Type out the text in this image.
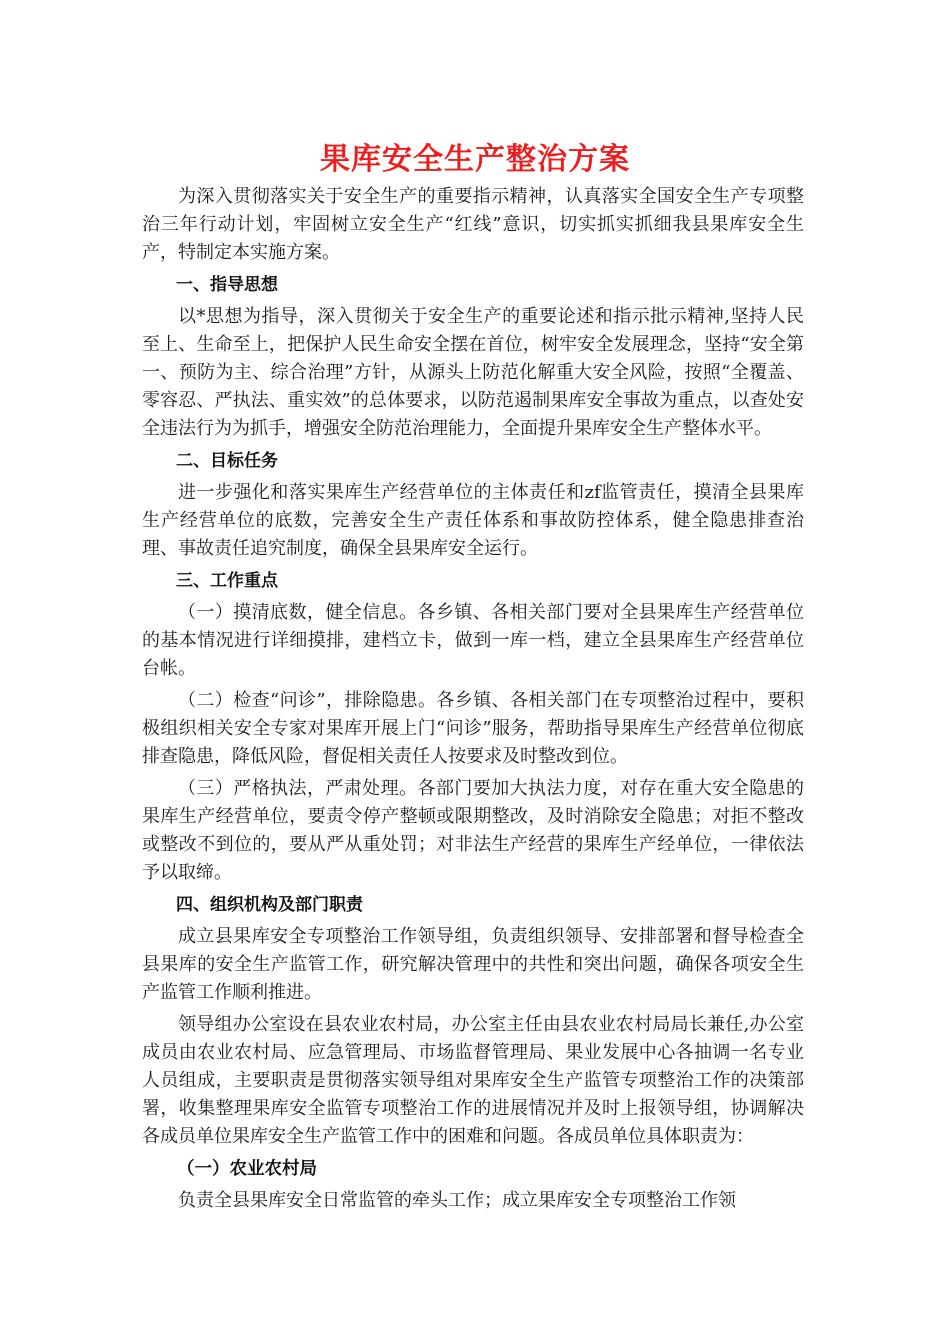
果库安全生产整治方案

为深入贯彻落实关于安全生产的重要指示精神，认真落实全国安全生产专项整治三年行动计划，牢固树立安全生产“红线”意识，切实抓实抓细我县果库安全生产，特制定本实施方案。

一、指导思想

以*思想为指导，深入贯彻关于安全生产的重要论述和指示批示精神,坚持人民至上、生命至上，把保护人民生命安全摆在首位，树牢安全发展理念，坚持“安全第一、预防为主、综合治理”方针，从源头上防范化解重大安全风险，按照“全覆盖、零容忍、严执法、重实效”的总体要求，以防范遏制果库安全事故为重点，以查处安全违法行为为抓手，增强安全防范治理能力，全面提升果库安全生产整体水平。

二、目标任务

进一步强化和落实果库生产经营单位的主体责任和zf监管责任，摸清全县果库生产经营单位的底数，完善安全生产责任体系和事故防控体系，健全隐患排查治理、事故责任追究制度，确保全县果库安全运行。

三、工作重点

（一）摸清底数，健全信息。各乡镇、各相关部门要对全县果库生产经营单位的基本情况进行详细摸排，建档立卡，做到一库一档，建立全县果库生产经营单位台帐。

（二）检查“问诊”，排除隐患。各乡镇、各相关部门在专项整治过程中，要积极组织相关安全专家对果库开展上门“问诊”服务，帮助指导果库生产经营单位彻底排查隐患，降低风险，督促相关责任人按要求及时整改到位。

（三）严格执法，严肃处理。各部门要加大执法力度，对存在重大安全隐患的果库生产经营单位，要责令停产整顿或限期整改，及时消除安全隐患；对拒不整改或整改不到位的，要从严从重处罚；对非法生产经营的果库生产经单位，一律依法予以取缔。

四、组织机构及部门职责

成立县果库安全专项整治工作领导组，负责组织领导、安排部署和督导检查全县果库的安全生产监管工作，研究解决管理中的共性和突出问题，确保各项安全生产监管工作顺利推进。

领导组办公室设在县农业农村局，办公室主任由县农业农村局局长兼任,办公室成员由农业农村局、应急管理局、市场监督管理局、果业发展中心各抽调一名专业人员组成，主要职责是贯彻落实领导组对果库安全生产监管专项整治工作的决策部署，收集整理果库安全监管专项整治工作的进展情况并及时上报领导组，协调解决各成员单位果库安全生产监管工作中的困难和问题。各成员单位具体职责为：

（一）农业农村局

负责全县果库安全日常监管的牵头工作；成立果库安全专项整治工作领
